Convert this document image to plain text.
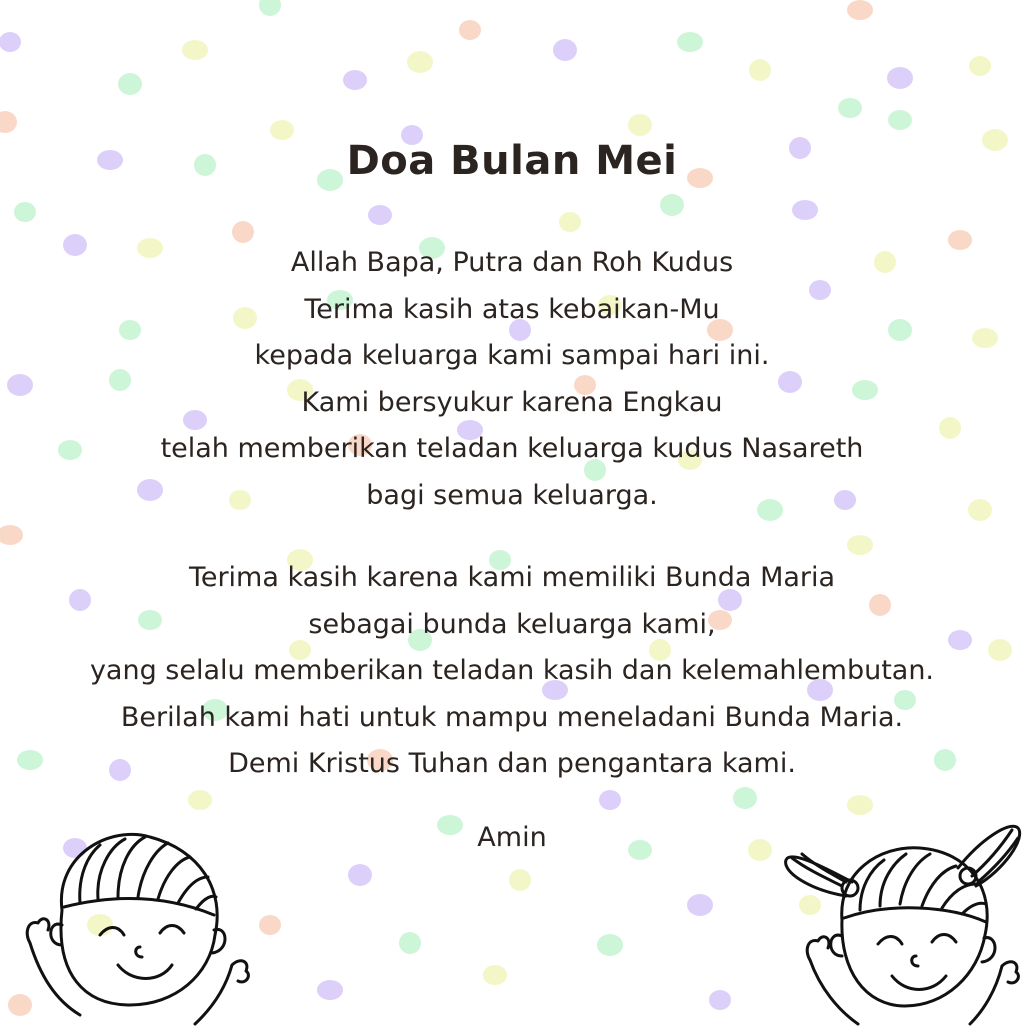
Doa Bulan Mei

Allah Bapa, Putra dan Roh Kudus
Terima kasih atas kebaikan-Mu
kepada keluarga kami sampai hari ini.
Kami bersyukur karena Engkau
telah memberikan teladan keluarga kudus Nasareth
bagi semua keluarga.

Terima kasih karena kami memiliki Bunda Maria
sebagai bunda keluarga kami,
yang selalu memberikan teladan kasih dan kelemahlembutan.
Berilah kami hati untuk mampu meneladani Bunda Maria.
Demi Kristus Tuhan dan pengantara kami.

Amin
